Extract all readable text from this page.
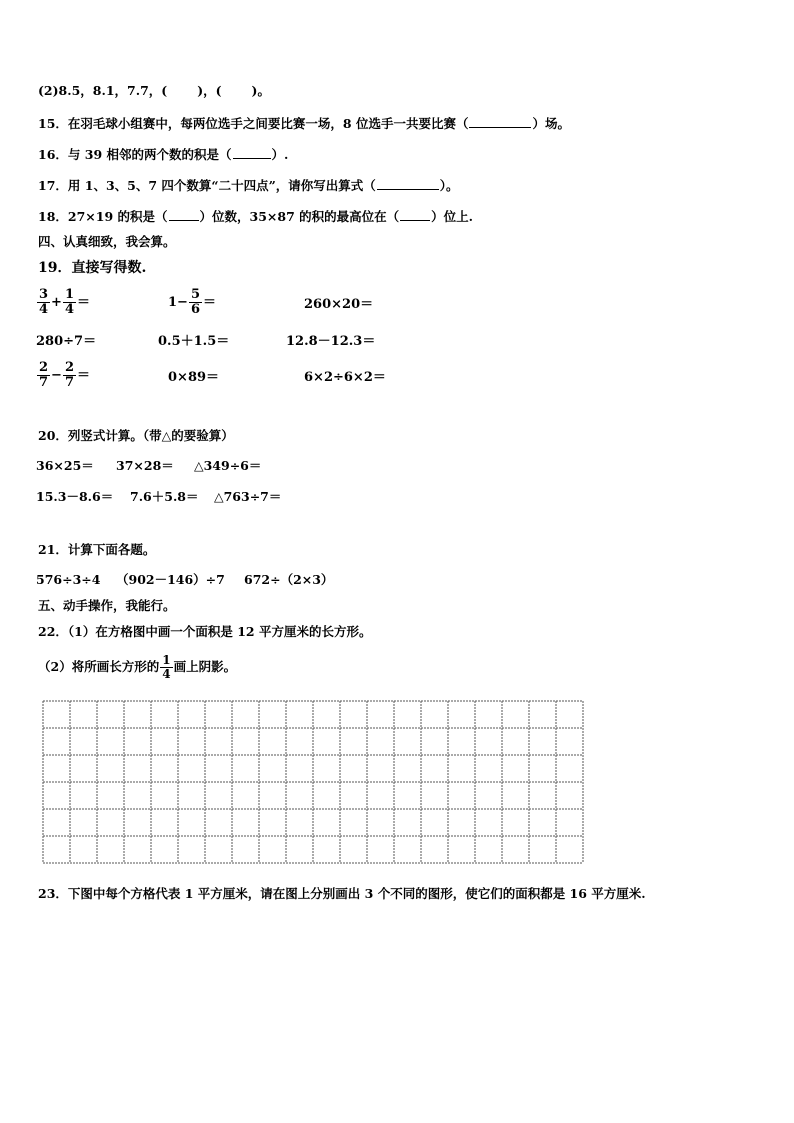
(2)8.5，8.1，7.7，( )，( )。
15．在羽毛球小组赛中，每两位选手之间要比赛一场，8 位选手一共要比赛（	）场。
16．与 39 相邻的两个数的积是（	）.
17．用 1、3、5、7 四个数算“二十四点”，请你写出算式（	）。
18．27×19 的积是（	）位数，35×87 的积的最高位在（	）位上.
四、认真细致，我会算。
19．直接写得数.
$\frac{3}{4} + \frac{1}{4}$ ＝	$1- \frac{5}{6}$ ＝	260×20＝
280÷7＝	0.5＋1.5＝	12.8－12.3＝
$\frac{2}{7} - \frac{2}{7}$ ＝	0×89＝	6×2÷6×2＝
20．列竖式计算。（带△的要验算）
36×25＝ 37×28＝ △349÷6＝
15.3－8.6＝ 7.6＋5.8＝ △763÷7＝
21．计算下面各题。
576÷3÷4 （902－146）÷7 672÷（2×3）
五、动手操作，我能行。
22．（1）在方格图中画一个面积是 12 平方厘米的长方形。
（2）将所画长方形的 $\frac{1}{4}$ 画上阴影。
23．下图中每个方格代表 1 平方厘米，请在图上分别画出 3 个不同的图形，使它们的面积都是 16 平方厘米.
